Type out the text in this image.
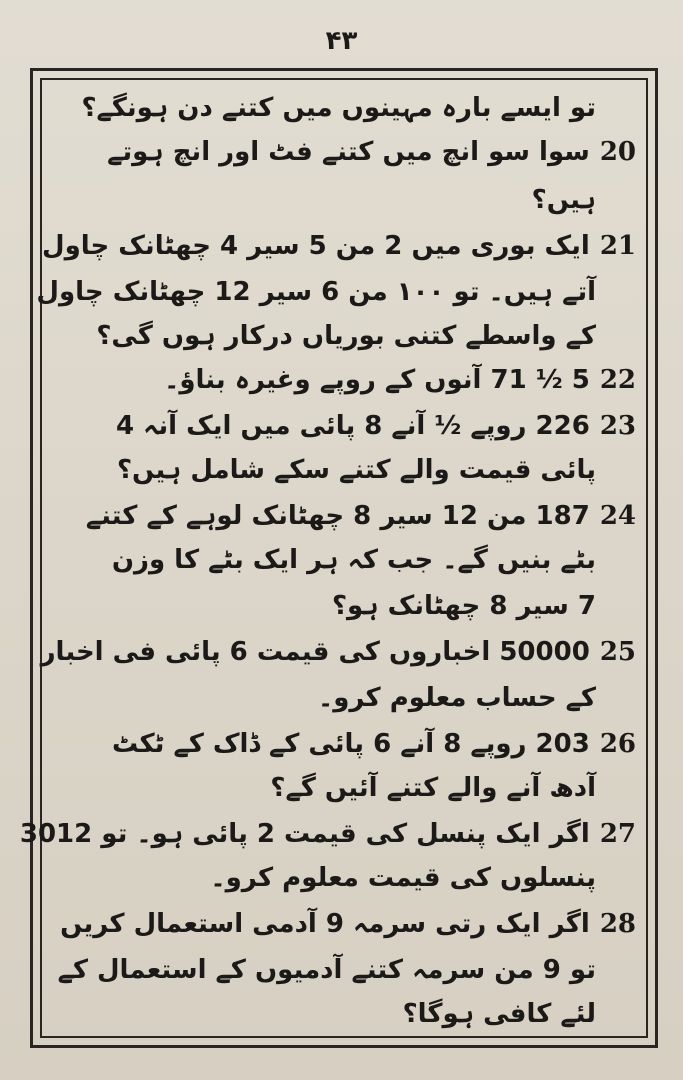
۴۳
تو ایسے بارہ مہینوں میں کتنے دن ہونگے؟
20سوا سو انچ میں کتنے فٹ اور انچ ہوتے
ہیں؟
21ایک بوری میں 2 من 5 سیر 4 چھٹانک چاول
آتے ہیں۔ تو ۱۰۰ من 6 سیر 12 چھٹانک چاول
کے واسطے کتنی بوریاں درکار ہوں گی؟
225 ½ 71 آنوں کے روپے وغیرہ بناؤ۔
23226 روپے ½ آنے 8 پائی میں ایک آنہ 4
پائی قیمت والے کتنے سکے شامل ہیں؟
24187 من 12 سیر 8 چھٹانک لوہے کے کتنے
بٹے بنیں گے۔ جب کہ ہر ایک بٹے کا وزن
7 سیر 8 چھٹانک ہو؟
2550000 اخباروں کی قیمت 6 پائی فی اخبار
کے حساب معلوم کرو۔
26203 روپے 8 آنے 6 پائی کے ڈاک کے ٹکٹ
آدھ آنے والے کتنے آئیں گے؟
27اگر ایک پنسل کی قیمت 2 پائی ہو۔ تو 3012
پنسلوں کی قیمت معلوم کرو۔
28اگر ایک رتی سرمہ 9 آدمی استعمال کریں
تو 9 من سرمہ کتنے آدمیوں کے استعمال کے
لئے کافی ہوگا؟
